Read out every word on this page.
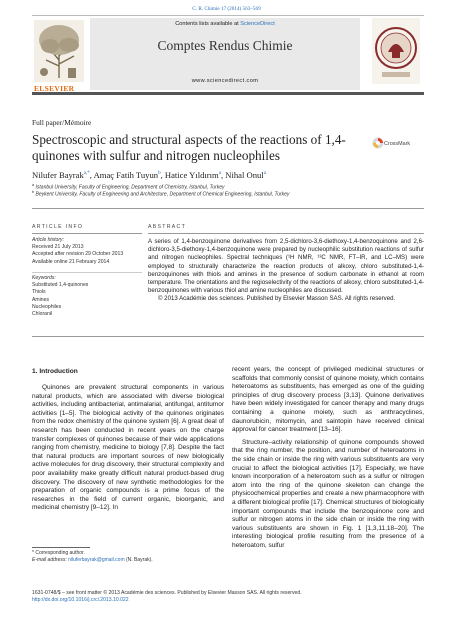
C. R. Chimie 17 (2014) 563–569
ELSEVIER
Contents lists available at ScienceDirect
Comptes Rendus Chimie
www.sciencedirect.com
Full paper/Mémoire
Spectroscopic and structural aspects of the reactions of 1,4-quinones with sulfur and nitrogen nucleophiles
CrossMark
Nilufer Bayrak$^{a,*}$, Amaç Fatih Tuyun$^b$, Hatice Yıldırım$^a$, Nihal Onul$^a$
$^a$ Istanbul University, Faculty of Engineering, Department of Chemistry, Istanbul, Turkey
$^b$ Beykent University, Faculty of Engineering and Architecture, Department of Chemical Engineering, Istanbul, Turkey
ARTICLE INFO	ABSTRACT
Article history:
Received 21 July 2013
Accepted after revision 29 October 2013
Available online 21 February 2014
Keywords:
Substituted 1,4-quinones
Thiols
Amines
Nucleophiles
Chloranil
A series of 1,4-benzoquinone derivatives from 2,5-dichloro-3,6-diethoxy-1,4-benzoquinone and 2,6-dichloro-3,5-diethoxy-1,4-benzoquinone were prepared by nucleophilic substitution reactions of sulfur and nitrogen nucleophiles. Spectral techniques (¹H NMR, ¹³C NMR, FT–IR, and LC–MS) were employed to structurally characterize the reaction products of alkoxy, chloro substituted-1,4-benzoquinones with thiols and amines in the presence of sodium carbonate in ethanol at room temperature. The orientations and the regioselectivity of the reactions of alkoxy, chloro substituted-1,4-benzoquinones with various thiol and amine nucleophiles are discussed.
© 2013 Académie des sciences. Published by Elsevier Masson SAS. All rights reserved.
1. Introduction

Quinones are prevalent structural components in various natural products, which are associated with diverse biological activities, including antibacterial, antimalarial, antifungal, antitumor activities [1–5]. The biological activity of the quinones originates from the redox chemistry of the quinone system [6]. A great deal of research has been conducted in recent years on the charge transfer complexes of quinones because of their wide applications ranging from chemistry, medicine to biology [7,8]. Despite the fact that natural products are important sources of new biologically active molecules for drug discovery, their structural complexity and poor availability make greatly difficult natural product-based drug discovery. The discovery of new synthetic methodologies for the preparation of organic compounds is a prime focus of the researches in the field of current organic, bioorganic, and medicinal chemistry [9–12]. In

recent years, the concept of privileged medicinal structures or scaffolds that commonly consist of quinone moiety, which contains heteroatoms as substituents, has emerged as one of the guiding principles of drug discovery process [3,13]. Quinone derivatives have been widely investigated for cancer therapy and many drugs containing a quinone moiety, such as anthracyclines, daunorubicin, mitomycin, and saintopin have received clinical approval for cancer treatment [13–16].

Structure–activity relationship of quinone compounds showed that the ring number, the position, and number of heteroatoms in the side chain or inside the ring with various substituents are very crucial to affect the biological activities [17]. Especially, we have known incorporation of a heteroatom such as a sulfur or nitrogen atom into the ring of the quinone skeleton can change the physicochemical properties and create a new pharmacophore with a different biological profile [17]. Chemical structures of biologically important compounds that include the benzoquinone core and sulfur or nitrogen atoms in the side chain or inside the ring with various substituents are shown in Fig. 1 [1,3,11,18–20]. The interesting biological profile resulting from the presence of a heteroatom, sulfur

* Corresponding author.
E-mail address: niluferbayrak@gmail.com (N. Bayrak).
1631-0748/$ – see front matter © 2013 Académie des sciences. Published by Elsevier Masson SAS. All rights reserved.
http://dx.doi.org/10.1016/j.crci.2013.10.022
